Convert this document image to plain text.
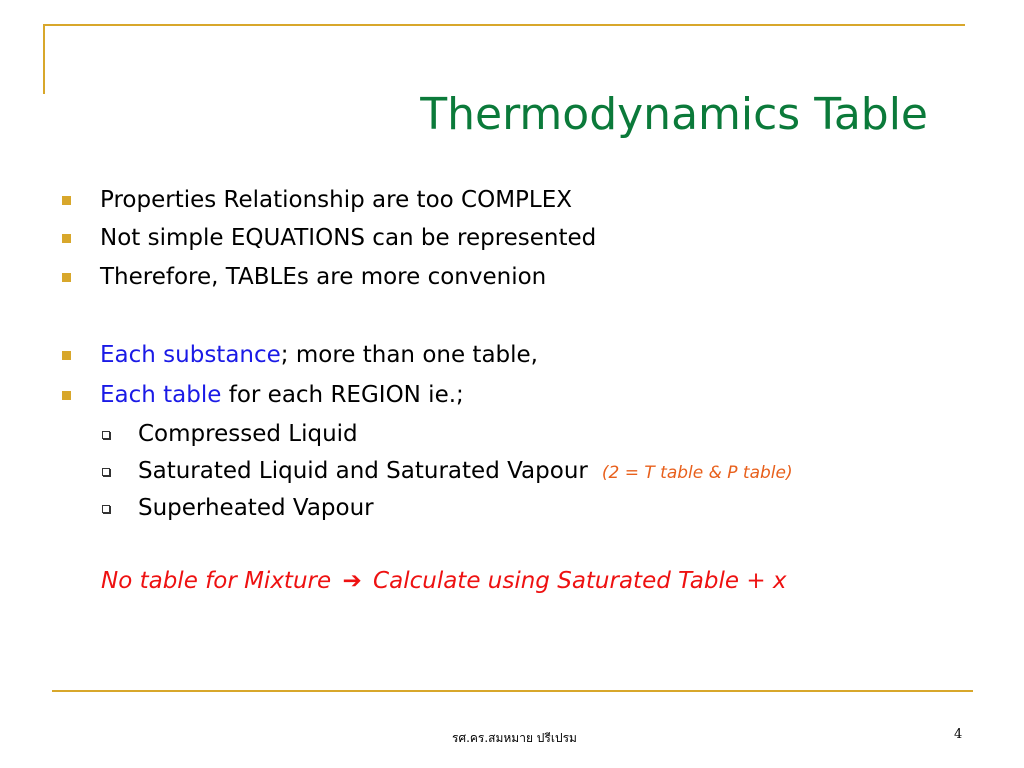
Thermodynamics Table
Properties Relationship are too COMPLEX
Not simple EQUATIONS can be represented
Therefore, TABLEs are more convenion
Each substance; more than one table,
Each table for each REGION ie.;
Compressed Liquid
Saturated Liquid and Saturated Vapour (2 = T table & P table)
Superheated Vapour
No table for Mixture ➔ Calculate using Saturated Table + x
รศ.คร.สมหมาย ปรีเปรม	4
